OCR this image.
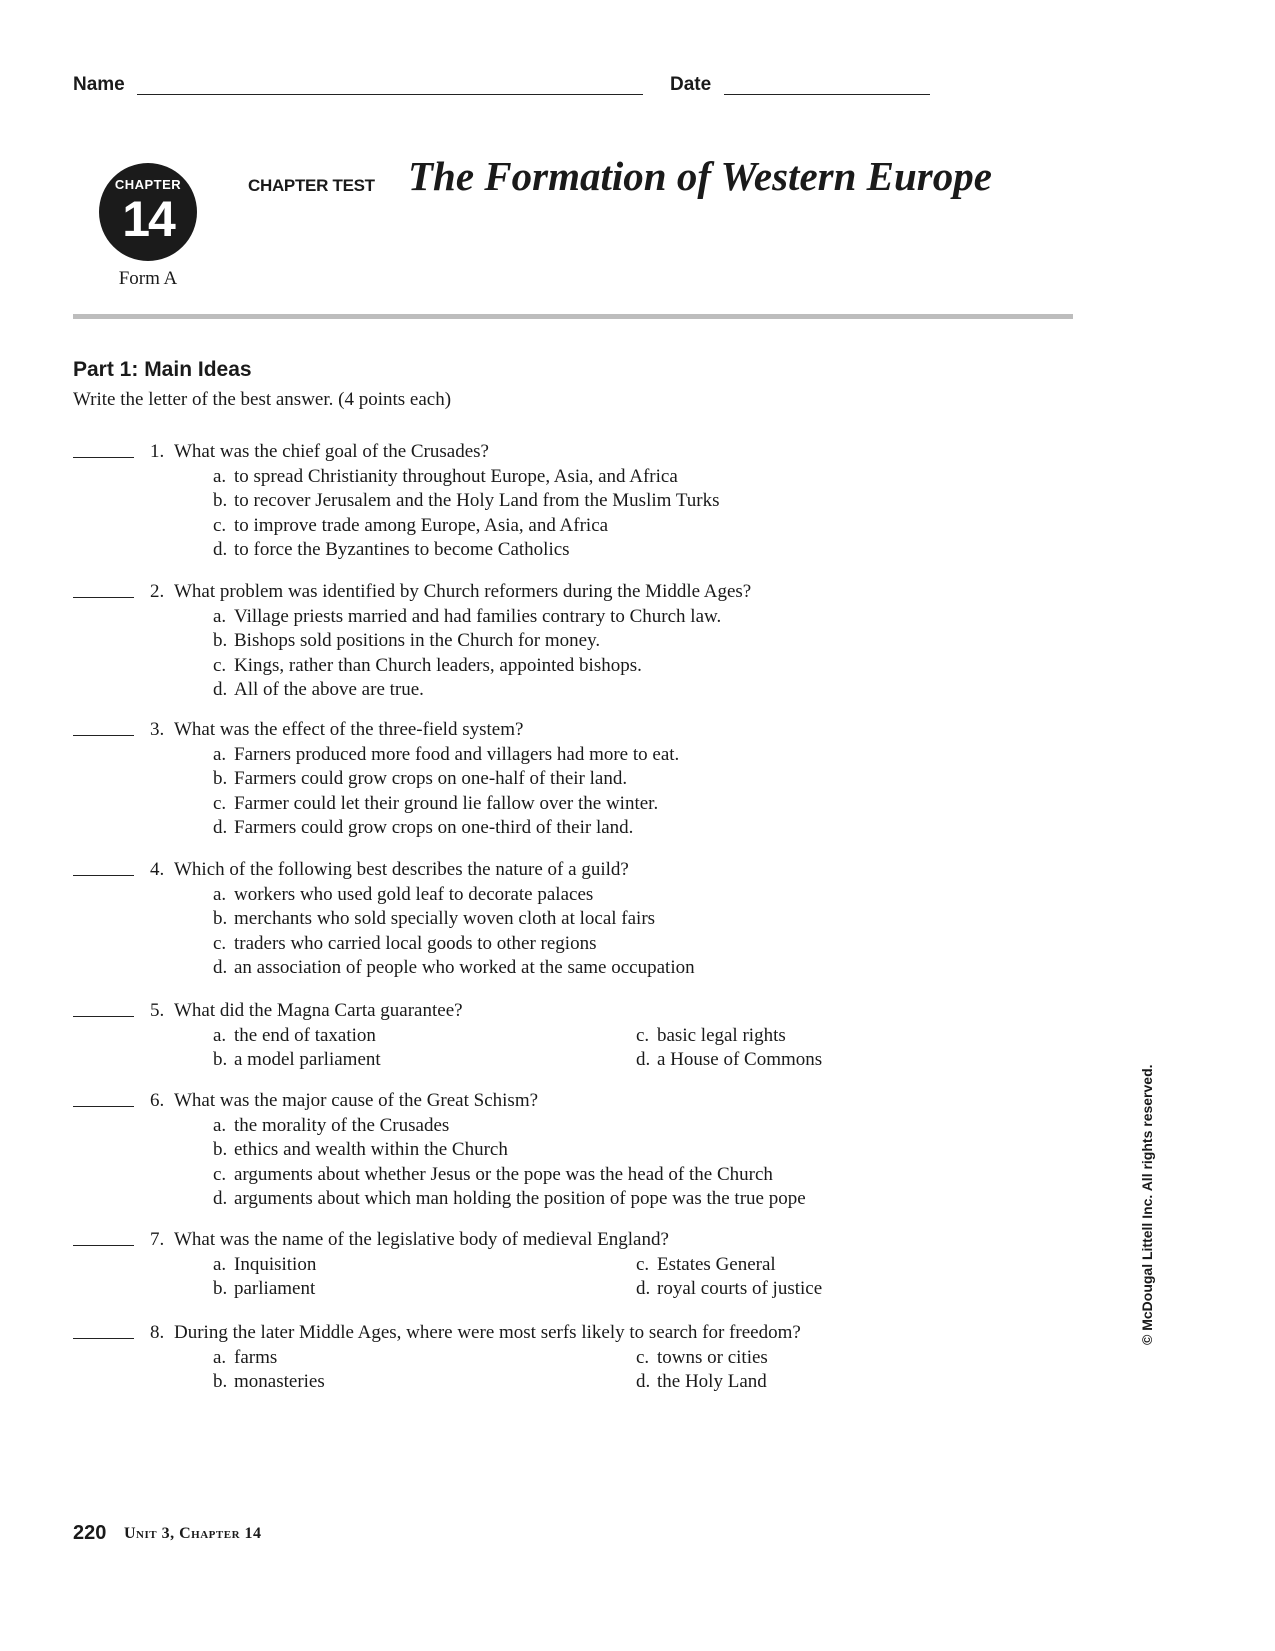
Name	Date
CHAPTER
14
Form A
CHAPTER TEST The Formation of Western Europe
Part 1: Main Ideas
Write the letter of the best answer. (4 points each)
1. What was the chief goal of the Crusades?
a. to spread Christianity throughout Europe, Asia, and Africa
b. to recover Jerusalem and the Holy Land from the Muslim Turks
c. to improve trade among Europe, Asia, and Africa
d. to force the Byzantines to become Catholics
2. What problem was identified by Church reformers during the Middle Ages?
a. Village priests married and had families contrary to Church law.
b. Bishops sold positions in the Church for money.
c. Kings, rather than Church leaders, appointed bishops.
d. All of the above are true.
3. What was the effect of the three-field system?
a. Farners produced more food and villagers had more to eat.
b. Farmers could grow crops on one-half of their land.
c. Farmer could let their ground lie fallow over the winter.
d. Farmers could grow crops on one-third of their land.
4. Which of the following best describes the nature of a guild?
a. workers who used gold leaf to decorate palaces
b. merchants who sold specially woven cloth at local fairs
c. traders who carried local goods to other regions
d. an association of people who worked at the same occupation
5. What did the Magna Carta guarantee?
a. the end of taxation	c. basic legal rights
b. a model parliament	d. a House of Commons
6. What was the major cause of the Great Schism?
a. the morality of the Crusades
b. ethics and wealth within the Church
c. arguments about whether Jesus or the pope was the head of the Church
d. arguments about which man holding the position of pope was the true pope
7. What was the name of the legislative body of medieval England?
a. Inquisition	c. Estates General
b. parliament	d. royal courts of justice
8. During the later Middle Ages, where were most serfs likely to search for freedom?
a. farms	c. towns or cities
b. monasteries	d. the Holy Land
© McDougal Littell Inc. All rights reserved.
220 Unit 3, Chapter 14
